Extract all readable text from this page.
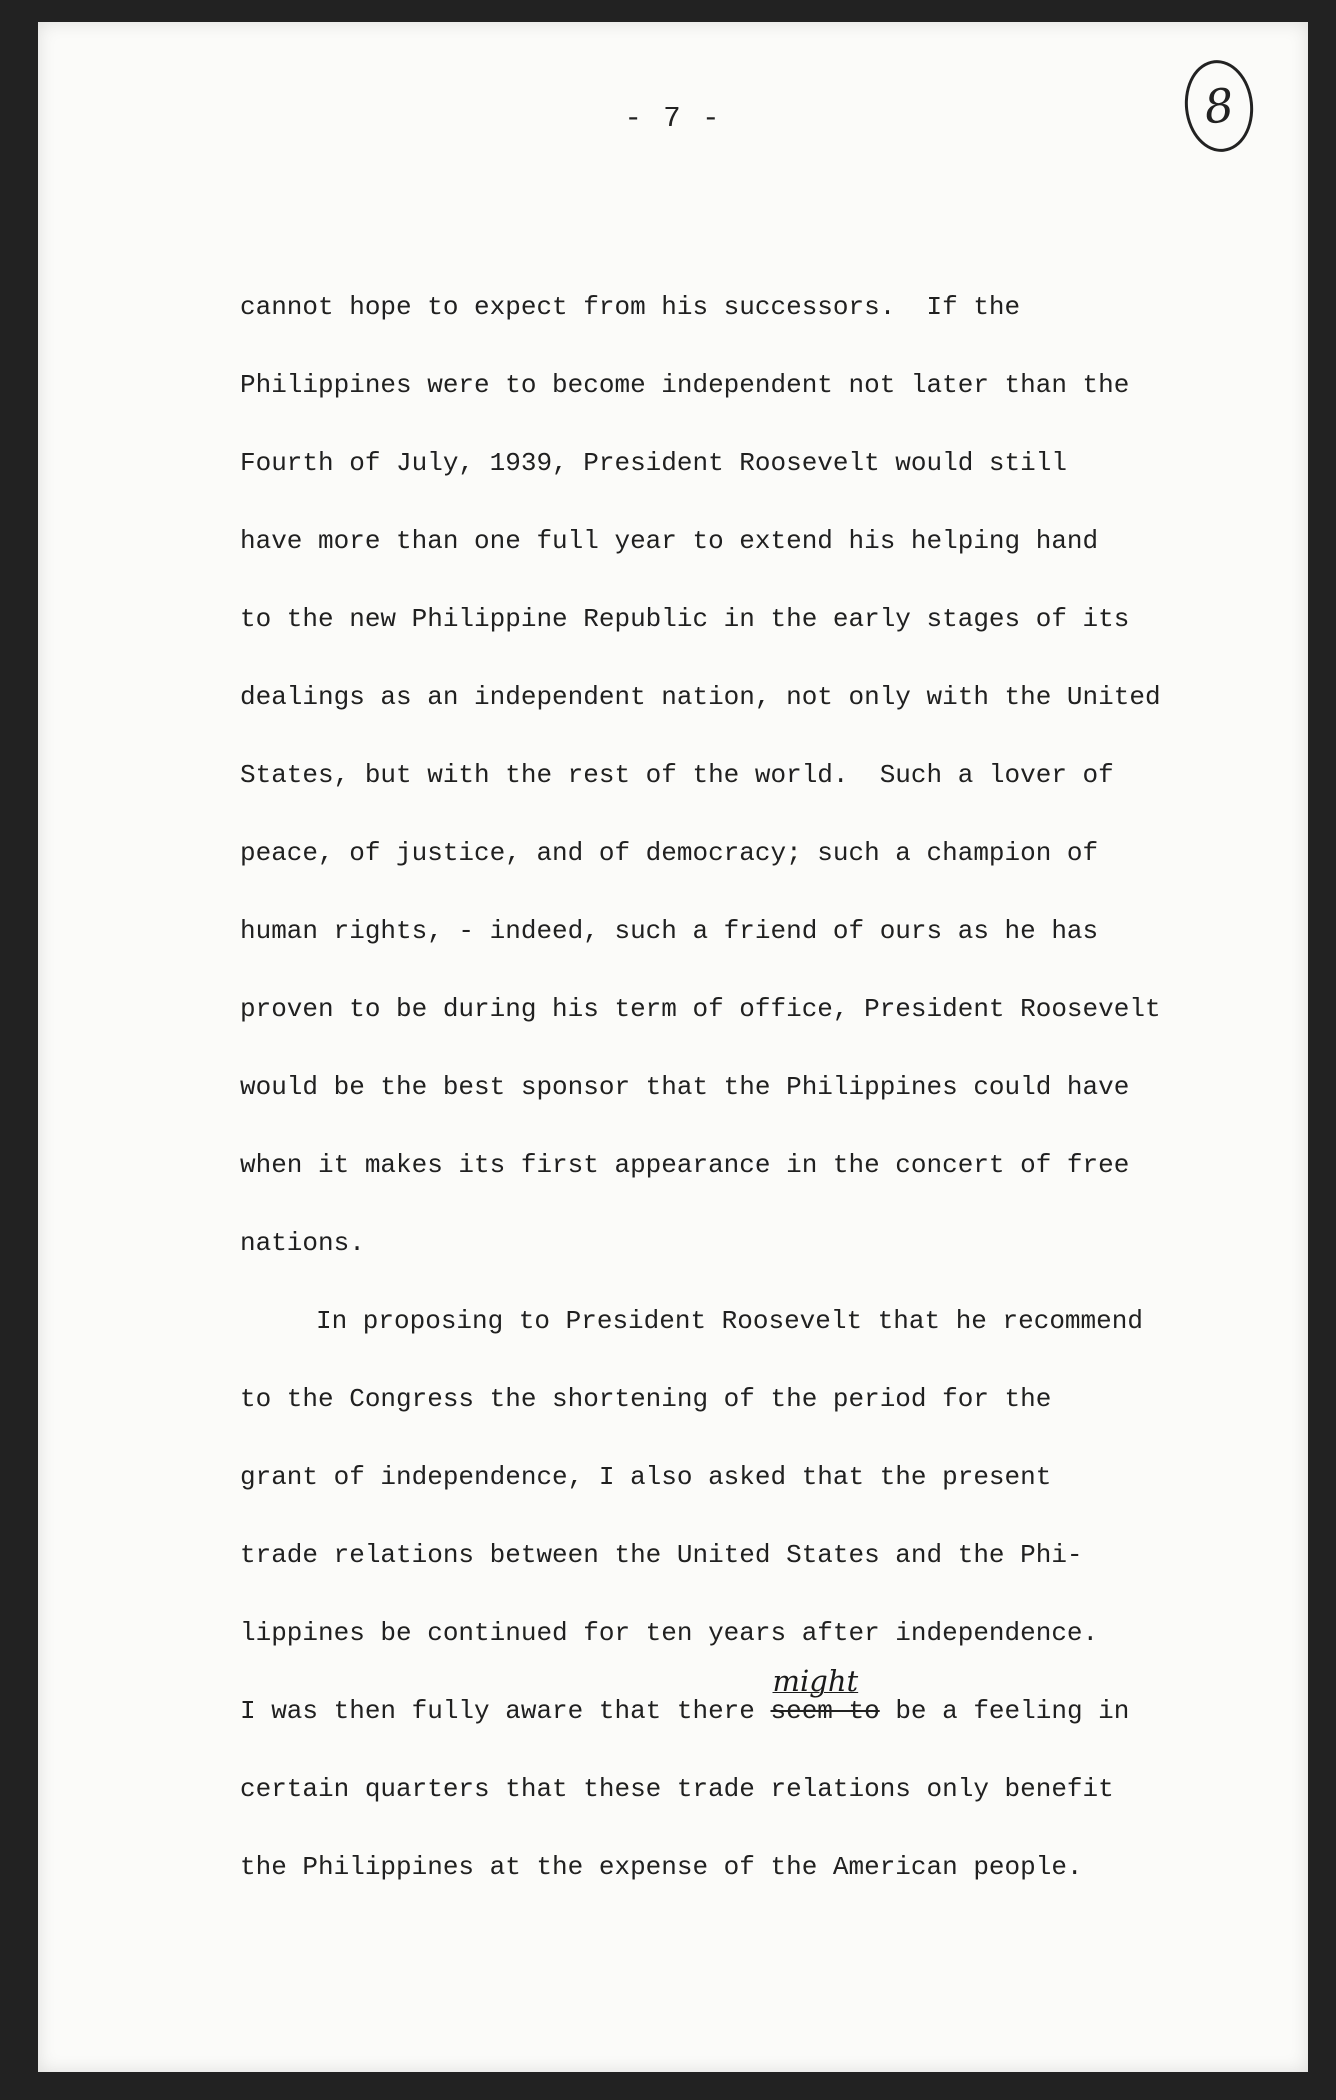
- 7 -	8
cannot hope to expect from his successors.  If the
Philippines were to become independent not later than the
Fourth of July, 1939, President Roosevelt would still
have more than one full year to extend his helping hand
to the new Philippine Republic in the early stages of its
dealings as an independent nation, not only with the United
States, but with the rest of the world.  Such a lover of
peace, of justice, and of democracy; such a champion of
human rights, - indeed, such a friend of ours as he has
proven to be during his term of office, President Roosevelt
would be the best sponsor that the Philippines could have
when it makes its first appearance in the concert of free
nations.
In proposing to President Roosevelt that he recommend
to the Congress the shortening of the period for the
grant of independence, I also asked that the present
trade relations between the United States and the Phi-
lippines be continued for ten years after independence.
I was then fully aware that there
might
seem to be a feeling in
certain quarters that these trade relations only benefit
the Philippines at the expense of the American people.
